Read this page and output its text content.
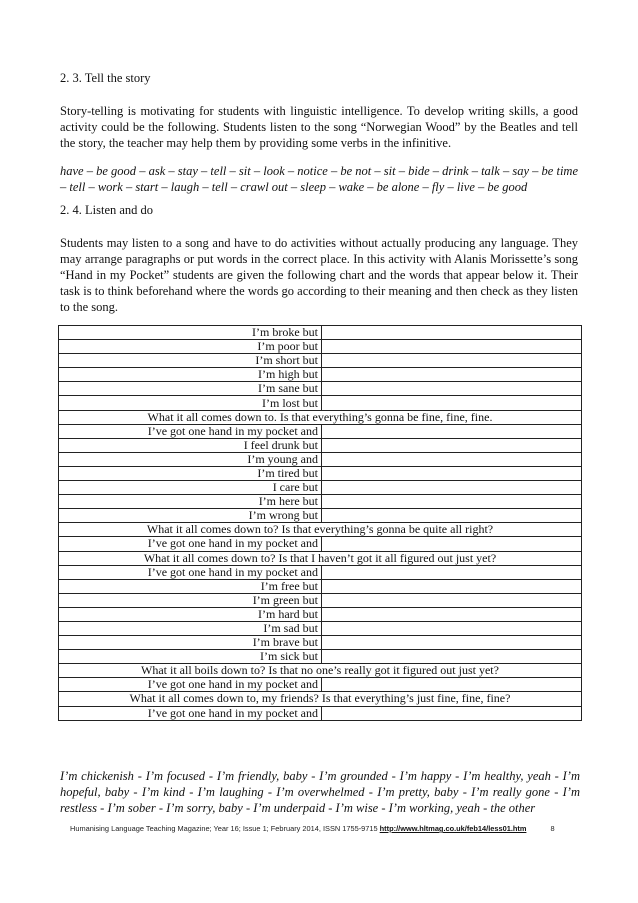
2. 3. Tell the story
Story-telling is motivating for students with linguistic intelligence. To develop writing skills, a good activity could be the following. Students listen to the song “Norwegian Wood” by the Beatles and tell the story, the teacher may help them by providing some verbs in the infinitive.
have – be good – ask – stay – tell – sit – look – notice – be not – sit – bide – drink – talk – say – be time – tell – work – start – laugh – tell – crawl out – sleep – wake – be alone – fly – live – be good
2. 4. Listen and do
Students may listen to a song and have to do activities without actually producing any language. They may arrange paragraphs or put words in the correct place. In this activity with Alanis Morissette’s song “Hand in my Pocket” students are given the following chart and the words that appear below it. Their task is to think beforehand where the words go according to their meaning and then check as they listen to the song.
I’m broke but	
I’m poor but	
I’m short but	
I’m high but	
I’m sane but	
I’m lost but	
What it all comes down to. Is that everything’s gonna be fine, fine, fine.	
I’ve got one hand in my pocket and	
I feel drunk but	
I’m young and	
I’m tired but	
I care but	
I’m here but	
I’m wrong but	
What it all comes down to? Is that everything’s gonna be quite all right?	
I’ve got one hand in my pocket and	
What it all comes down to? Is that I haven’t got it all figured out just yet?	
I’ve got one hand in my pocket and	
I’m free but	
I’m green but	
I’m hard but	
I’m sad but	
I’m brave but	
I’m sick but	
What it all boils down to? Is that no one’s really got it figured out just yet?	
I’ve got one hand in my pocket and	
What it all comes down to, my friends? Is that everything’s just fine, fine, fine?	
I’ve got one hand in my pocket and	
I’m chickenish - I’m focused - I’m friendly, baby - I’m grounded - I’m happy - I’m healthy, yeah - I’m hopeful, baby - I’m kind - I’m laughing - I’m overwhelmed - I’m pretty, baby - I’m really gone - I’m restless - I’m sober - I’m sorry, baby - I’m underpaid - I’m wise - I’m working, yeah - the other
Humanising Language Teaching Magazine; Year 16; Issue 1; February 2014, ISSN 1755-9715 http://www.hltmag.co.uk/feb14/less01.htm	8
